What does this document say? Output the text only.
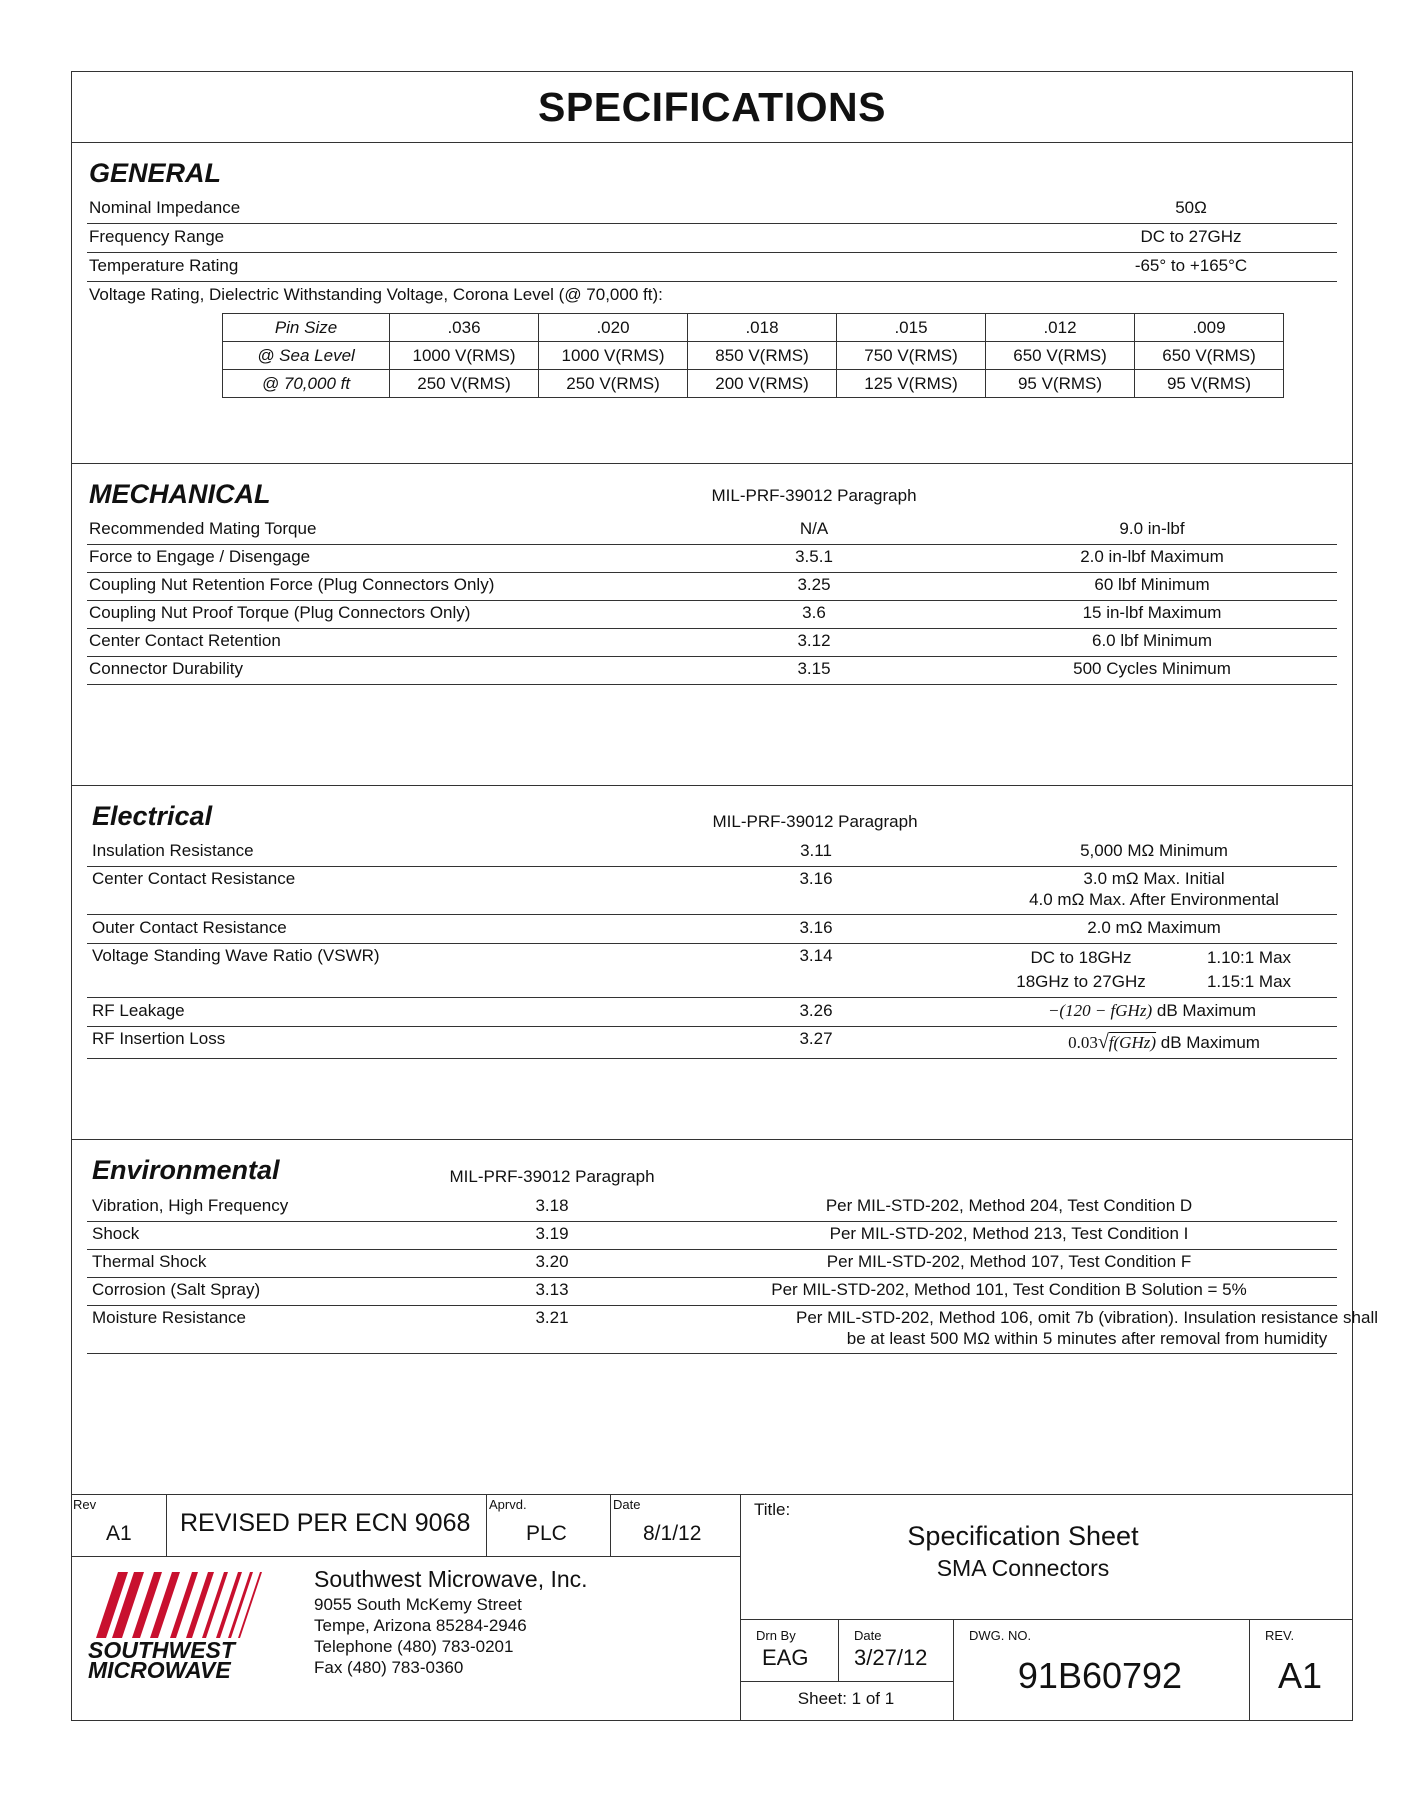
SPECIFICATIONS
GENERAL
Nominal Impedance	50Ω
Frequency Range	DC to 27GHz
Temperature Rating	-65° to +165°C
Voltage Rating, Dielectric Withstanding Voltage, Corona Level (@ 70,000 ft):
Pin Size	.036	.020	.018	.015	.012	.009
@ Sea Level	1000 V(RMS)	1000 V(RMS)	850 V(RMS)	750 V(RMS)	650 V(RMS)	650 V(RMS)
@ 70,000 ft	250 V(RMS)	250 V(RMS)	200 V(RMS)	125 V(RMS)	95 V(RMS)	95 V(RMS)
MECHANICAL	MIL-PRF-39012 Paragraph
Recommended Mating Torque	N/A	9.0 in-lbf
Force to Engage / Disengage	3.5.1	2.0 in-lbf Maximum
Coupling Nut Retention Force (Plug Connectors Only)	3.25	60 lbf Minimum
Coupling Nut Proof Torque (Plug Connectors Only)	3.6	15 in-lbf Maximum
Center Contact Retention	3.12	6.0 lbf Minimum
Connector Durability	3.15	500 Cycles Minimum
Electrical	MIL-PRF-39012 Paragraph
Insulation Resistance	3.11	5,000 MΩ Minimum
Center Contact Resistance	3.16	3.0 mΩ Max. Initial
4.0 mΩ Max. After Environmental
Outer Contact Resistance	3.16	2.0 mΩ Maximum
Voltage Standing Wave Ratio (VSWR)	3.14	DC to 18GHz	1.10:1 Max
18GHz to 27GHz	1.15:1 Max
RF Leakage	3.26	−(120 − fGHz) dB Maximum
RF Insertion Loss	3.27	0.03√f(GHz) dB Maximum
Environmental	MIL-PRF-39012 Paragraph
Vibration, High Frequency	3.18	Per MIL-STD-202, Method 204, Test Condition D
Shock	3.19	Per MIL-STD-202, Method 213, Test Condition I
Thermal Shock	3.20	Per MIL-STD-202, Method 107, Test Condition F
Corrosion (Salt Spray)	3.13	Per MIL-STD-202, Method 101, Test Condition B Solution = 5%
Moisture Resistance	3.21	Per MIL-STD-202, Method 106, omit 7b (vibration). Insulation resistance shall
be at least 500 MΩ within 5 minutes after removal from humidity
Rev
A1 REVISED PER ECN 9068
Aprvd.
PLC
Date
8/1/12
SOUTHWEST
MICROWAVE
Southwest Microwave, Inc.
9055 South McKemy Street
Tempe, Arizona 85284-2946
Telephone (480) 783-0201
Fax (480) 783-0360
Title:
Specification Sheet
SMA Connectors
Drn By
EAG
Date
3/27/12
DWG. NO.
91B60792
REV.
A1
Sheet: 1 of 1
